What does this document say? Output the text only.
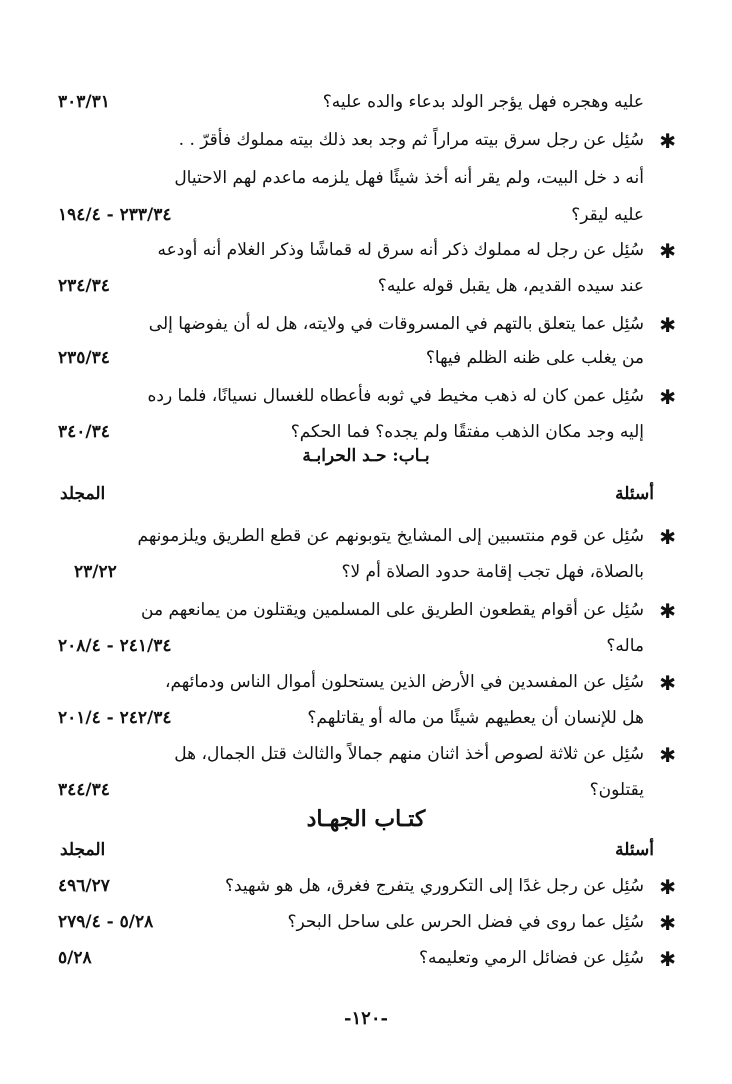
عليه وهجره فهل يؤجر الولد بدعاء والده عليه؟
٣٠٣/٣١
✱
سُئِل عن رجل سرق بيته مراراً ثم وجد بعد ذلك بيته مملوك فأقرّ . .
أنه د خل البيت، ولم يقر أنه أخذ شيئًا فهل يلزمه ماعدم لهم الاحتيال
عليه ليقر؟
٢٣٣/٣٤ - ١٩٤/٤
✱
سُئِل عن رجل له مملوك ذكر أنه سرق له قماشًا وذكر الغلام أنه أودعه
عند سيده القديم، هل يقبل قوله عليه؟
٢٣٤/٣٤
✱
سُئِل عما يتعلق بالتهم في المسروقات في ولايته، هل له أن يفوضها إلى
من يغلب على ظنه الظلم فيها؟
٢٣٥/٣٤
✱
سُئِل عمن كان له ذهب مخيط في ثوبه فأعطاه للغسال نسيانًا، فلما رده
إليه وجد مكان الذهب مفتقًا ولم يجده؟ فما الحكم؟
٣٤٠/٣٤
بـاب: حـد الحرابـة
أسئلة
المجلد
✱
سُئِل عن قوم منتسبين إلى المشايخ يتوبونهم عن قطع الطريق ويلزمونهم
بالصلاة، فهل تجب إقامة حدود الصلاة أم لا؟
٢٣/٢٢
✱
سُئِل عن أقوام يقطعون الطريق على المسلمين ويقتلون من يمانعهم من
ماله؟
٢٤١/٣٤ - ٢٠٨/٤
✱
سُئِل عن المفسدين في الأرض الذين يستحلون أموال الناس ودمائهم،
هل للإنسان أن يعطيهم شيئًا من ماله أو يقاتلهم؟
٢٤٢/٣٤ - ٢٠١/٤
✱
سُئِل عن ثلاثة لصوص أخذ اثنان منهم جمالاً والثالث قتل الجمال، هل
يقتلون؟
٣٤٤/٣٤
كتـاب الجهـاد
أسئلة
المجلد
✱
سُئِل عن رجل غدًا إلى التكروري يتفرج فغرق، هل هو شهيد؟
٤٩٦/٢٧
✱
سُئِل عما روى في فضل الحرس على ساحل البحر؟
٥/٢٨ - ٢٧٩/٤
✱
سُئِل عن فضائل الرمي وتعليمه؟
٥/٢٨
-١٢٠-
